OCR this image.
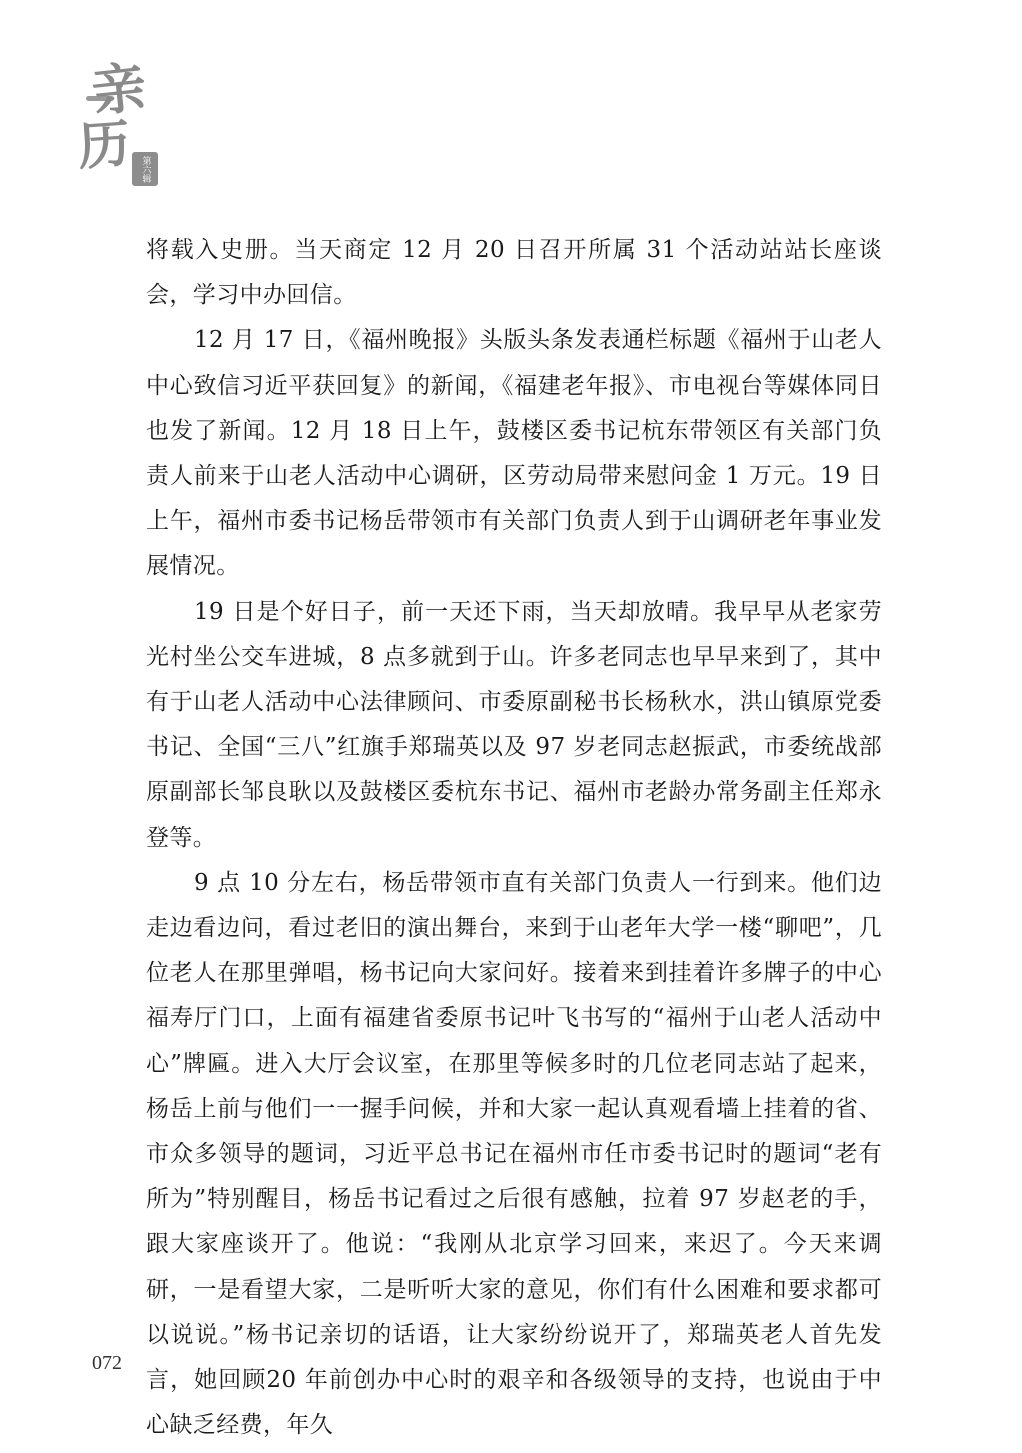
亲
历 第六辑

将载入史册。当天商定 12 月 20 日召开所属 31 个活动站站长座谈会，学习中办回信。

12 月 17 日，《福州晚报》头版头条发表通栏标题《福州于山老人中心致信习近平获回复》的新闻，《福建老年报》、市电视台等媒体同日也发了新闻。12 月 18 日上午，鼓楼区委书记杭东带领区有关部门负责人前来于山老人活动中心调研，区劳动局带来慰问金 1 万元。19 日上午，福州市委书记杨岳带领市有关部门负责人到于山调研老年事业发展情况。

19 日是个好日子，前一天还下雨，当天却放晴。我早早从老家劳光村坐公交车进城，8 点多就到于山。许多老同志也早早来到了，其中有于山老人活动中心法律顾问、市委原副秘书长杨秋水，洪山镇原党委书记、全国“三八”红旗手郑瑞英以及 97 岁老同志赵振武，市委统战部原副部长邹良耿以及鼓楼区委杭东书记、福州市老龄办常务副主任郑永登等。

9 点 10 分左右，杨岳带领市直有关部门负责人一行到来。他们边走边看边问，看过老旧的演出舞台，来到于山老年大学一楼“聊吧”，几位老人在那里弹唱，杨书记向大家问好。接着来到挂着许多牌子的中心福寿厅门口，上面有福建省委原书记叶飞书写的“福州于山老人活动中心”牌匾。进入大厅会议室，在那里等候多时的几位老同志站了起来，杨岳上前与他们一一握手问候，并和大家一起认真观看墙上挂着的省、市众多领导的题词，习近平总书记在福州市任市委书记时的题词“老有所为”特别醒目，杨岳书记看过之后很有感触，拉着 97 岁赵老的手，跟大家座谈开了。他说：“我刚从北京学习回来，来迟了。今天来调研，一是看望大家，二是听听大家的意见，你们有什么困难和要求都可以说说。”杨书记亲切的话语，让大家纷纷说开了，郑瑞英老人首先发言，她回顾20 年前创办中心时的艰辛和各级领导的支持，也说由于中心缺乏经费，年久

072
